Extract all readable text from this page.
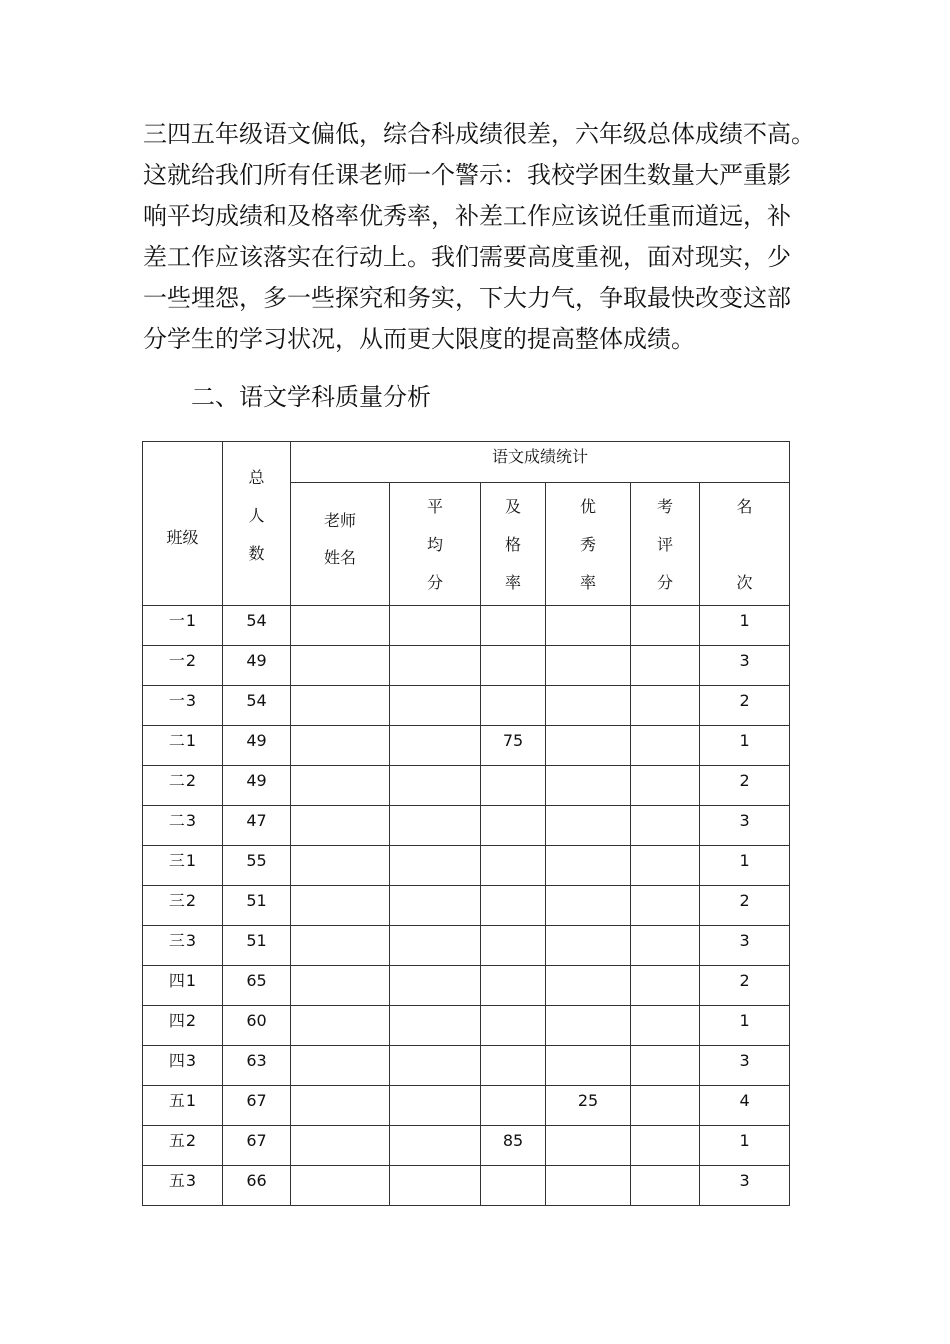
三四五年级语文偏低，综合科成绩很差，六年级总体成绩不高。
这就给我们所有任课老师一个警示：我校学困生数量大严重影
响平均成绩和及格率优秀率，补差工作应该说任重而道远，补
差工作应该落实在行动上。我们需要高度重视，面对现实，少
一些埋怨，多一些探究和务实，下大力气，争取最快改变这部
分学生的学习状况，从而更大限度的提高整体成绩。
二、语文学科质量分析
班级	总人数	语文成绩统计					

		老师姓名	平均分	及格率	优秀率	考评分	名
次

一1	54						1

一2	49						3

一3	54						2

二1	49			75			1

二2	49						2

二3	47						3

三1	55						1

三2	51						2

三3	51						3

四1	65						2

四2	60						1

四3	63						3

五1	67				25		4

五2	67			85			1

五3	66						3
